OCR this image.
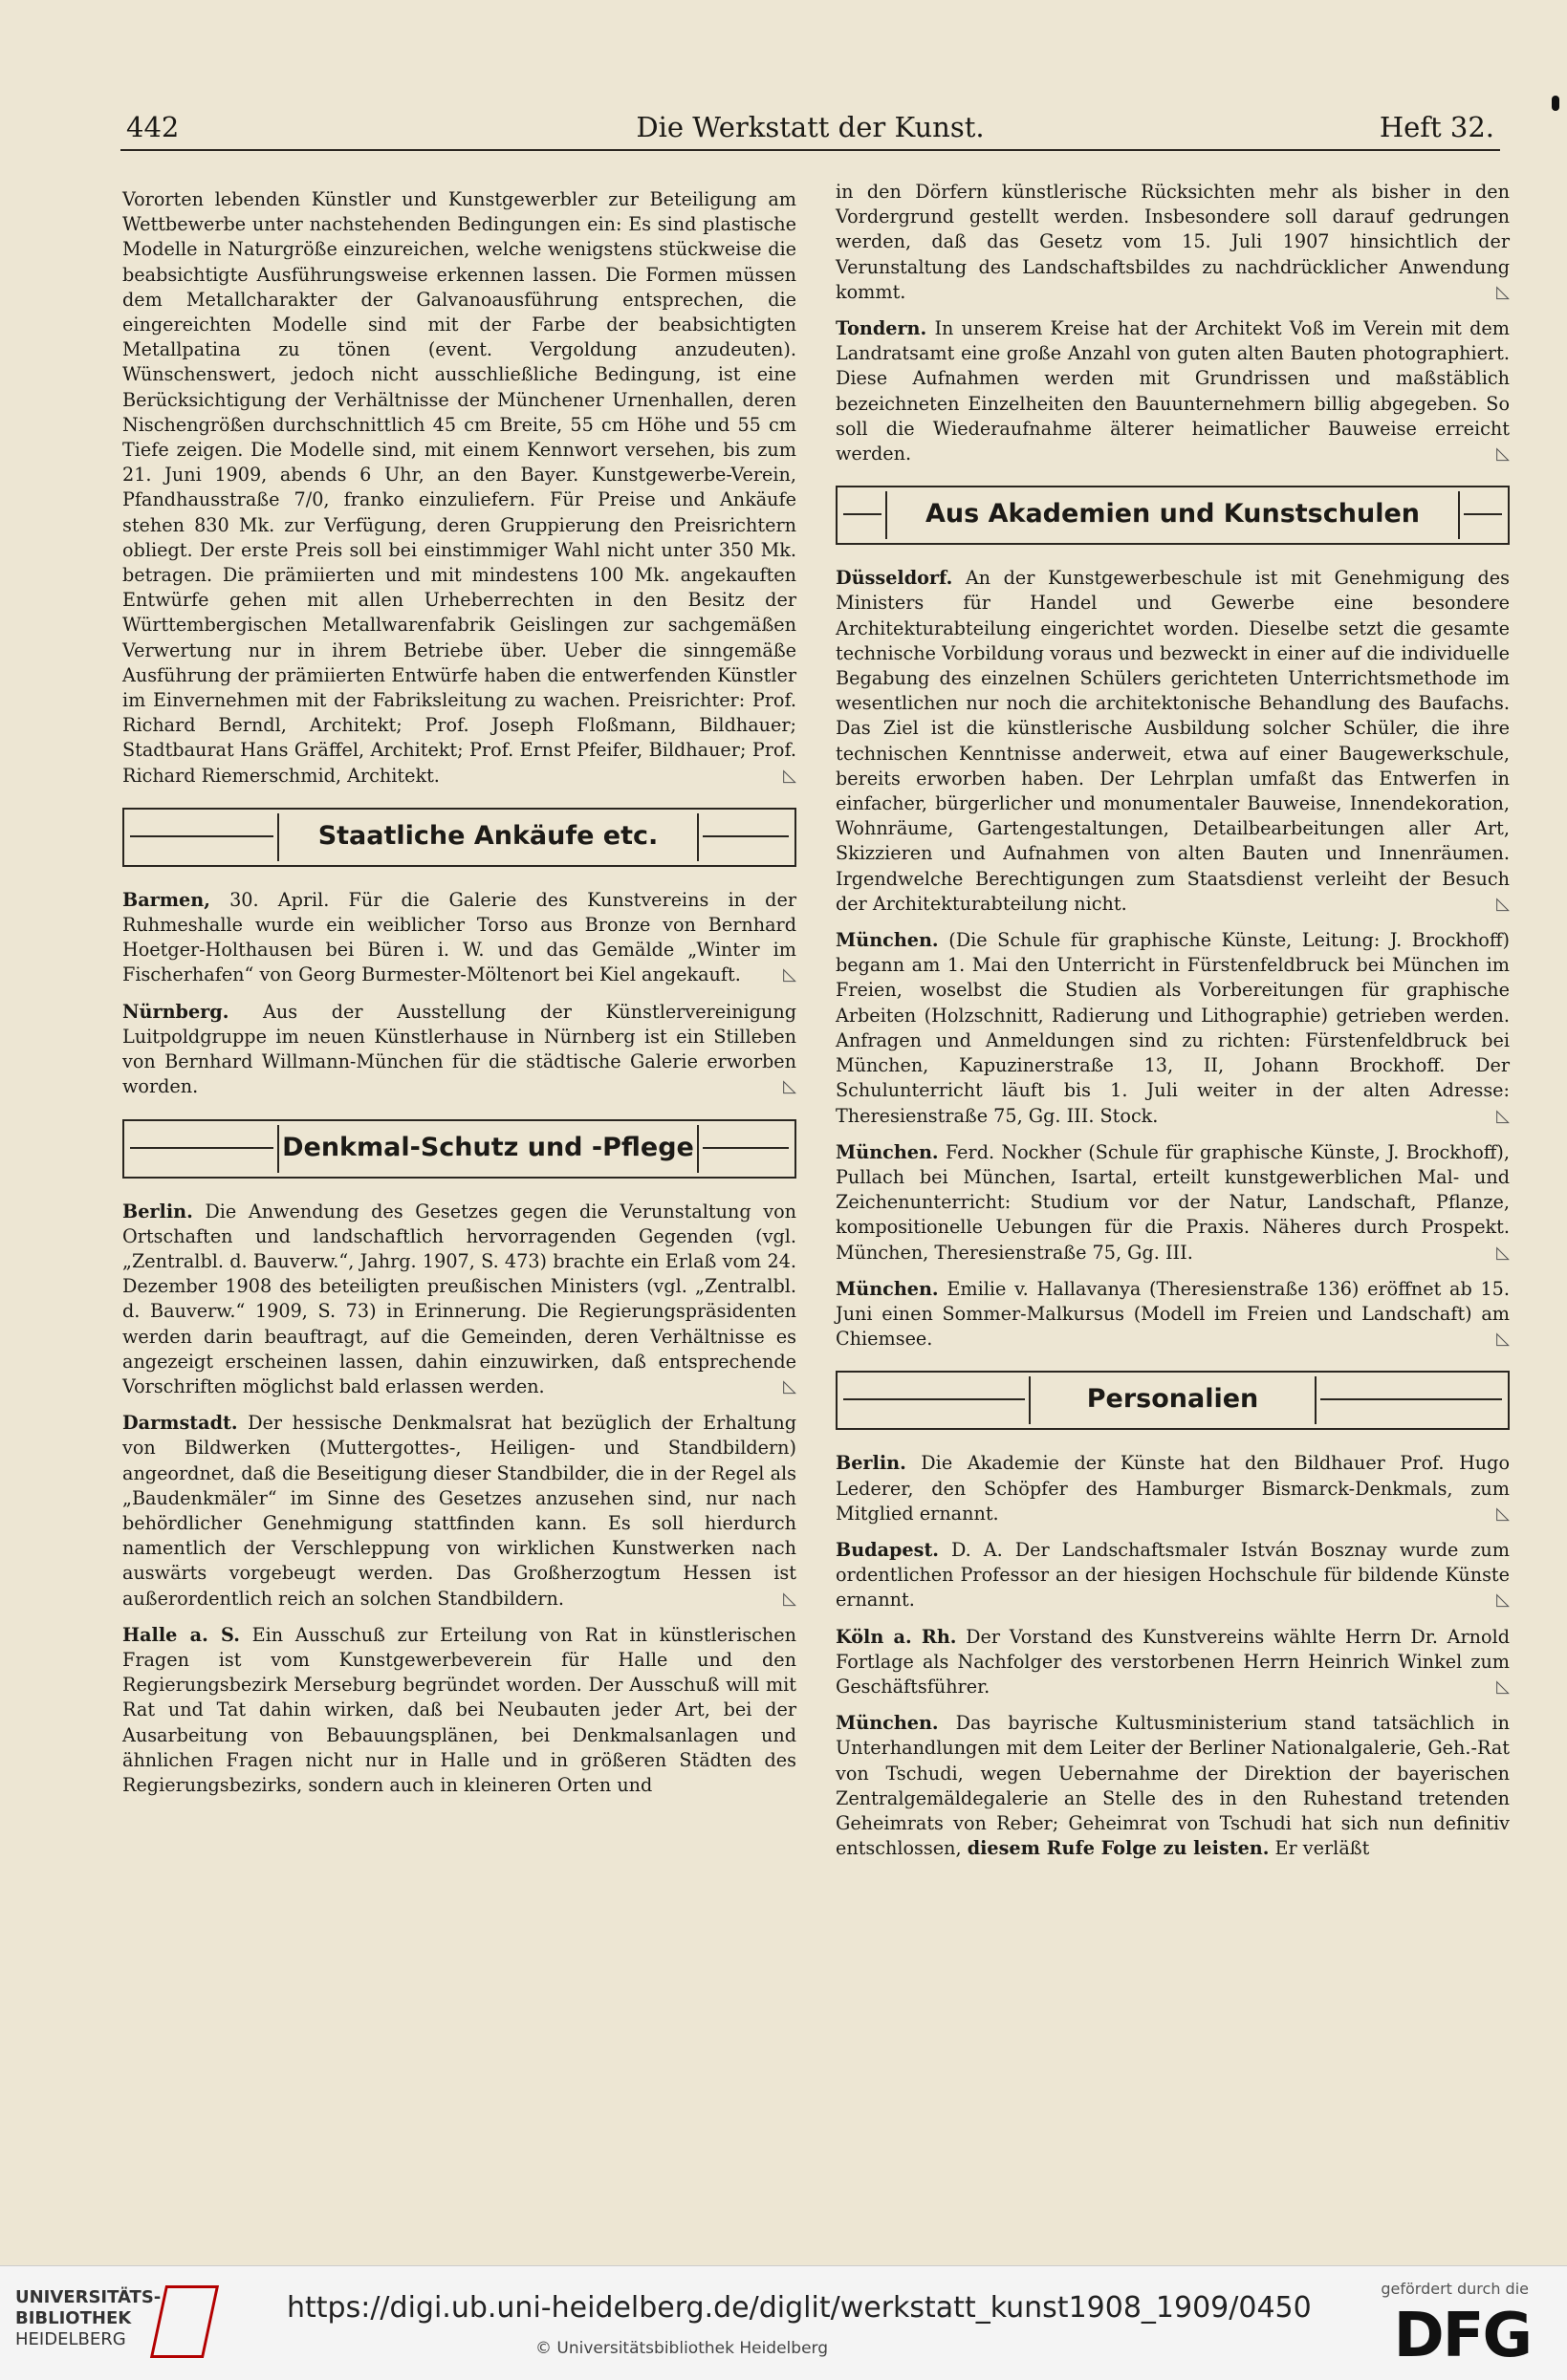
442	Die Werkstatt der Kunst.	Heft 32.

Vororten lebenden Künstler und Kunstgewerbler zur Beteiligung am Wettbewerbe unter nachstehenden Bedingungen ein: Es sind plastische Modelle in Naturgröße einzureichen, welche wenigstens stückweise die beabsichtigte Ausführungsweise erkennen lassen. Die Formen müssen dem Metallcharakter der Galvanoausführung entsprechen, die eingereichten Modelle sind mit der Farbe der beabsichtigten Metallpatina zu tönen (event. Vergoldung anzudeuten). Wünschenswert, jedoch nicht ausschließliche Bedingung, ist eine Berücksichtigung der Verhältnisse der Münchener Urnenhallen, deren Nischengrößen durchschnittlich 45 cm Breite, 55 cm Höhe und 55 cm Tiefe zeigen. Die Modelle sind, mit einem Kennwort versehen, bis zum 21. Juni 1909, abends 6 Uhr, an den Bayer. Kunstgewerbe-Verein, Pfandhausstraße 7/0, franko einzuliefern. Für Preise und Ankäufe stehen 830 Mk. zur Verfügung, deren Gruppierung den Preisrichtern obliegt. Der erste Preis soll bei einstimmiger Wahl nicht unter 350 Mk. betragen. Die prämiierten und mit mindestens 100 Mk. angekauften Entwürfe gehen mit allen Urheberrechten in den Besitz der Württembergischen Metallwarenfabrik Geislingen zur sachgemäßen Verwertung nur in ihrem Betriebe über. Ueber die sinngemäße Ausführung der prämiierten Entwürfe haben die entwerfenden Künstler im Einvernehmen mit der Fabriksleitung zu wachen. Preisrichter: Prof. Richard Berndl, Architekt; Prof. Joseph Floßmann, Bildhauer; Stadtbaurat Hans Gräffel, Architekt; Prof. Ernst Pfeifer, Bildhauer; Prof. Richard Riemerschmid, Architekt.	◺

Staatliche Ankäufe etc.

Barmen, 30. April. Für die Galerie des Kunstvereins in der Ruhmeshalle wurde ein weiblicher Torso aus Bronze von Bernhard Hoetger-Holthausen bei Büren i. W. und das Gemälde „Winter im Fischerhafen“ von Georg Burmester-Möltenort bei Kiel angekauft. ◺

Nürnberg. Aus der Ausstellung der Künstlervereinigung Luitpoldgruppe im neuen Künstlerhause in Nürnberg ist ein Stilleben von Bernhard Willmann-München für die städtische Galerie erworben worden.	◺

Denkmal-Schutz und -Pflege

Berlin. Die Anwendung des Gesetzes gegen die Verunstaltung von Ortschaften und landschaftlich hervorragenden Gegenden (vgl. „Zentralbl. d. Bauverw.“, Jahrg. 1907, S. 473) brachte ein Erlaß vom 24. Dezember 1908 des beteiligten preußischen Ministers (vgl. „Zentralbl. d. Bauverw.“ 1909, S. 73) in Erinnerung. Die Regierungspräsidenten werden darin beauftragt, auf die Gemeinden, deren Verhältnisse es angezeigt erscheinen lassen, dahin einzuwirken, daß entsprechende Vorschriften möglichst bald erlassen werden.	◺

Darmstadt. Der hessische Denkmalsrat hat bezüglich der Erhaltung von Bildwerken (Muttergottes-, Heiligen- und Standbildern) angeordnet, daß die Beseitigung dieser Standbilder, die in der Regel als „Baudenkmäler“ im Sinne des Gesetzes anzusehen sind, nur nach behördlicher Genehmigung stattfinden kann. Es soll hierdurch namentlich der Verschleppung von wirklichen Kunstwerken nach auswärts vorgebeugt werden. Das Großherzogtum Hessen ist außerordentlich reich an solchen Standbildern.	◺

Halle a. S. Ein Ausschuß zur Erteilung von Rat in künstlerischen Fragen ist vom Kunstgewerbeverein für Halle und den Regierungsbezirk Merseburg begründet worden. Der Ausschuß will mit Rat und Tat dahin wirken, daß bei Neubauten jeder Art, bei der Ausarbeitung von Bebauungsplänen, bei Denkmalsanlagen und ähnlichen Fragen nicht nur in Halle und in größeren Städten des Regierungsbezirks, sondern auch in kleineren Orten und

in den Dörfern künstlerische Rücksichten mehr als bisher in den Vordergrund gestellt werden. Insbesondere soll darauf gedrungen werden, daß das Gesetz vom 15. Juli 1907 hinsichtlich der Verunstaltung des Landschaftsbildes zu nachdrücklicher Anwendung kommt.	◺

Tondern. In unserem Kreise hat der Architekt Voß im Verein mit dem Landratsamt eine große Anzahl von guten alten Bauten photographiert. Diese Aufnahmen werden mit Grundrissen und maßstäblich bezeichneten Einzelheiten den Bauunternehmern billig abgegeben. So soll die Wiederaufnahme älterer heimatlicher Bauweise erreicht werden.	◺

Aus Akademien und Kunstschulen

Düsseldorf. An der Kunstgewerbeschule ist mit Genehmigung des Ministers für Handel und Gewerbe eine besondere Architekturabteilung eingerichtet worden. Dieselbe setzt die gesamte technische Vorbildung voraus und bezweckt in einer auf die individuelle Begabung des einzelnen Schülers gerichteten Unterrichtsmethode im wesentlichen nur noch die architektonische Behandlung des Baufachs. Das Ziel ist die künstlerische Ausbildung solcher Schüler, die ihre technischen Kenntnisse anderweit, etwa auf einer Baugewerkschule, bereits erworben haben. Der Lehrplan umfaßt das Entwerfen in einfacher, bürgerlicher und monumentaler Bauweise, Innendekoration, Wohnräume, Gartengestaltungen, Detailbearbeitungen aller Art, Skizzieren und Aufnahmen von alten Bauten und Innenräumen. Irgendwelche Berechtigungen zum Staatsdienst verleiht der Besuch der Architekturabteilung nicht.	◺

München. (Die Schule für graphische Künste, Leitung: J. Brockhoff) begann am 1. Mai den Unterricht in Fürstenfeldbruck bei München im Freien, woselbst die Studien als Vorbereitungen für graphische Arbeiten (Holzschnitt, Radierung und Lithographie) getrieben werden. Anfragen und Anmeldungen sind zu richten: Fürstenfeldbruck bei München, Kapuzinerstraße 13, II, Johann Brockhoff. Der Schulunterricht läuft bis 1. Juli weiter in der alten Adresse: Theresienstraße 75, Gg. III. Stock.	◺

München. Ferd. Nockher (Schule für graphische Künste, J. Brockhoff), Pullach bei München, Isartal, erteilt kunstgewerblichen Mal- und Zeichenunterricht: Studium vor der Natur, Landschaft, Pflanze, kompositionelle Uebungen für die Praxis. Näheres durch Prospekt. München, Theresienstraße 75, Gg. III.	◺

München. Emilie v. Hallavanya (Theresienstraße 136) eröffnet ab 15. Juni einen Sommer-Malkursus (Modell im Freien und Landschaft) am Chiemsee.	◺

Personalien

Berlin. Die Akademie der Künste hat den Bildhauer Prof. Hugo Lederer, den Schöpfer des Hamburger Bismarck-Denkmals, zum Mitglied ernannt.	◺

Budapest. D. A. Der Landschaftsmaler István Bosznay wurde zum ordentlichen Professor an der hiesigen Hochschule für bildende Künste ernannt.	◺

Köln a. Rh. Der Vorstand des Kunstvereins wählte Herrn Dr. Arnold Fortlage als Nachfolger des verstorbenen Herrn Heinrich Winkel zum Geschäftsführer.	◺

München. Das bayrische Kultusministerium stand tatsächlich in Unterhandlungen mit dem Leiter der Berliner Nationalgalerie, Geh.-Rat von Tschudi, wegen Uebernahme der Direktion der bayerischen Zentralgemäldegalerie an Stelle des in den Ruhestand tretenden Geheimrats von Reber; Geheimrat von Tschudi hat sich nun definitiv entschlossen, diesem Rufe Folge zu leisten. Er verläßt

UNIVERSITÄTS-
BIBLIOTHEK
HEIDELBERG
https://digi.ub.uni-heidelberg.de/diglit/werkstatt_kunst1908_1909/0450
© Universitätsbibliothek Heidelberg
gefördert durch die
DFG
